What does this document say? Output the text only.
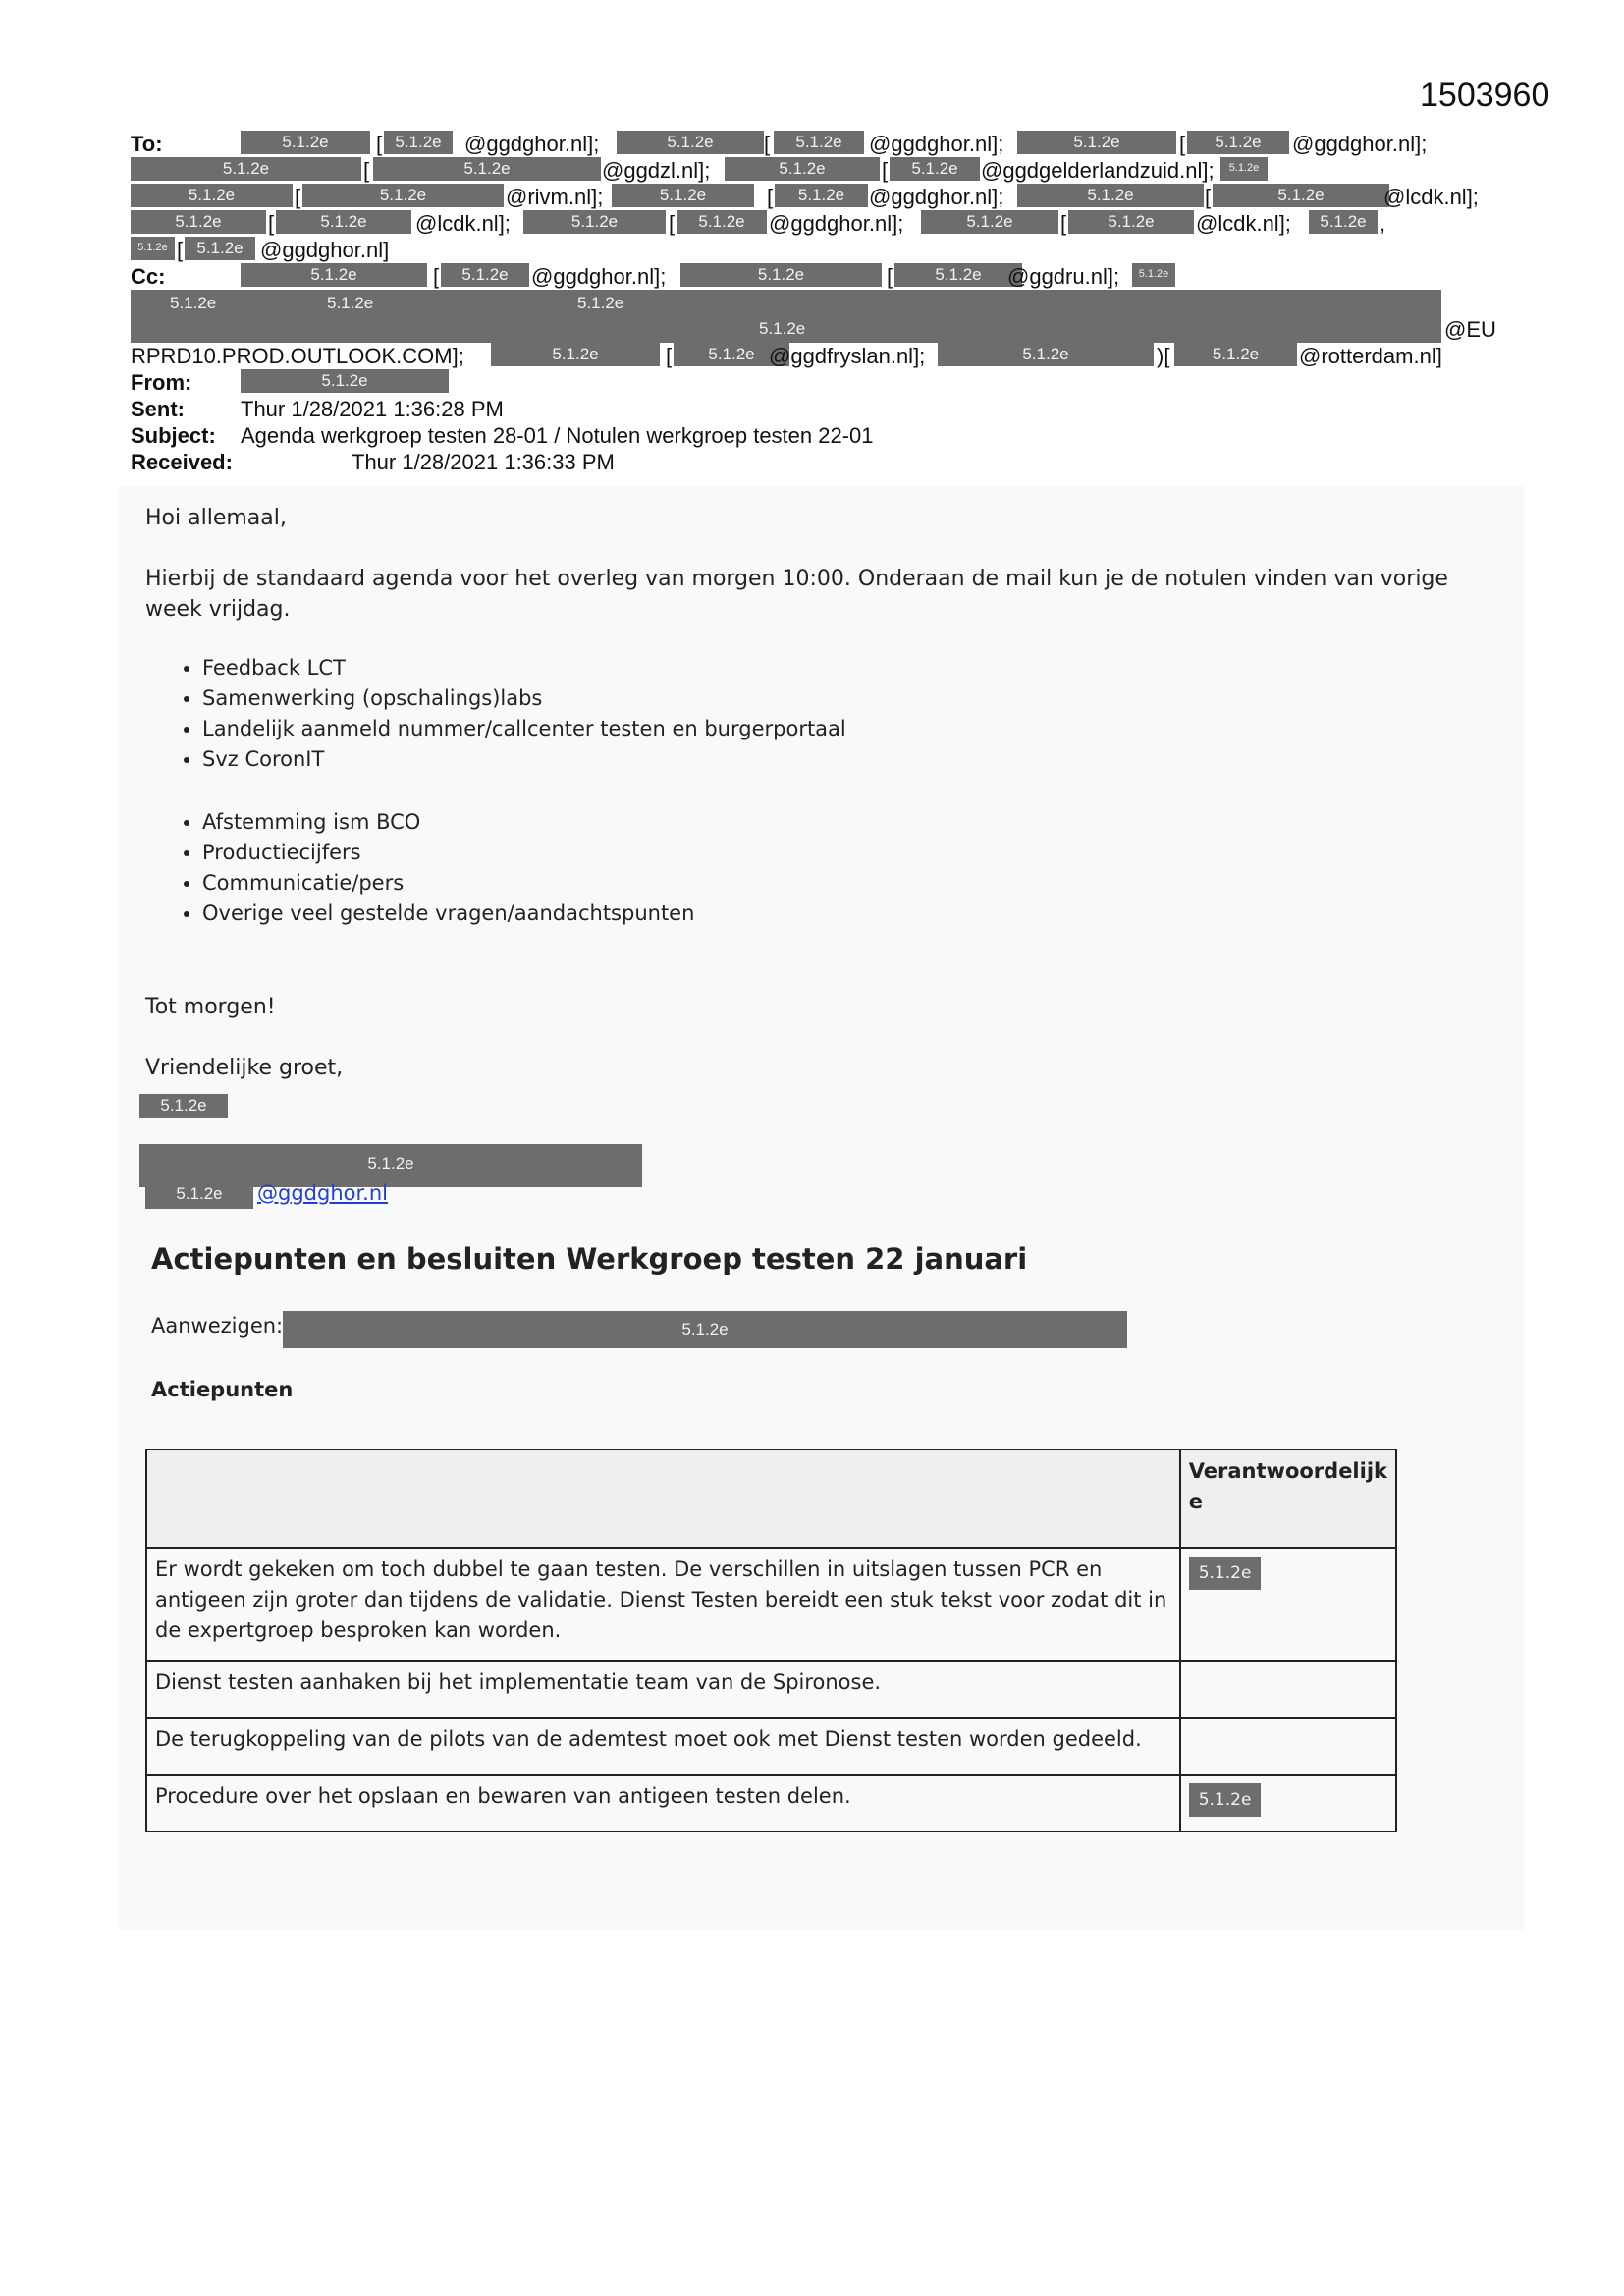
1503960
To:	5.1.2e	[ 5.1.2e	@ggdghor.nl];	5.1.2e	[	5.1.2e	@ggdghor.nl];	5.1.2e	[	5.1.2e	@ggdghor.nl];
5.1.2e	[	5.1.2e	@ggdzl.nl];	5.1.2e	[	5.1.2e	@ggdgelderlandzuid.nl];	5.1.2e
5.1.2e	[	5.1.2e	@rivm.nl];	5.1.2e	[	5.1.2e	@ggdghor.nl];	5.1.2e	[	5.1.2e	@lcdk.nl];
5.1.2e	[	5.1.2e	@lcdk.nl];	5.1.2e	[	5.1.2e	@ggdghor.nl];	5.1.2e	[	5.1.2e	@lcdk.nl];	5.1.2e ,
5.1.2e [ 5.1.2e @ggdghor.nl]
Cc:	5.1.2e	[	5.1.2e	@ggdghor.nl];	5.1.2e	[	5.1.2e	@ggdru.nl];	5.1.2e
5.1.2e	5.1.2e	5.1.2e
5.1.2e	@EU
RPRD10.PROD.OUTLOOK.COM];	5.1.2e	[	5.1.2e @ggdfryslan.nl];	5.1.2e	)[	5.1.2e	@rotterdam.nl]
From:	5.1.2e
Sent:	Thur 1/28/2021 1:36:28 PM
Subject: Agenda werkgroep testen 28-01 / Notulen werkgroep testen 22-01
Received:	Thur 1/28/2021 1:36:33 PM
Hoi allemaal,
Hierbij de standaard agenda voor het overleg van morgen 10:00. Onderaan de mail kun je de notulen vinden van vorige week vrijdag.
• Feedback LCT
• Samenwerking (opschalings)labs
• Landelijk aanmeld nummer/callcenter testen en burgerportaal
• Svz CoronIT
• Afstemming ism BCO
• Productiecijfers
• Communicatie/pers
• Overige veel gestelde vragen/aandachtspunten
Tot morgen!
Vriendelijke groet,
5.1.2e
5.1.2e
5.1.2e	@ggdghor.nl
Actiepunten en besluiten Werkgroep testen 22 januari
Aanwezigen:	5.1.2e
Actiepunten
	Verantwoordelijk e
Er wordt gekeken om toch dubbel te gaan testen. De verschillen in uitslagen tussen PCR en antigeen zijn groter dan tijdens de validatie. Dienst Testen bereidt een stuk tekst voor zodat dit in de expertgroep besproken kan worden.	5.1.2e
Dienst testen aanhaken bij het implementatie team van de Spironose.	
De terugkoppeling van de pilots van de ademtest moet ook met Dienst testen worden gedeeld.	
Procedure over het opslaan en bewaren van antigeen testen delen.	5.1.2e
